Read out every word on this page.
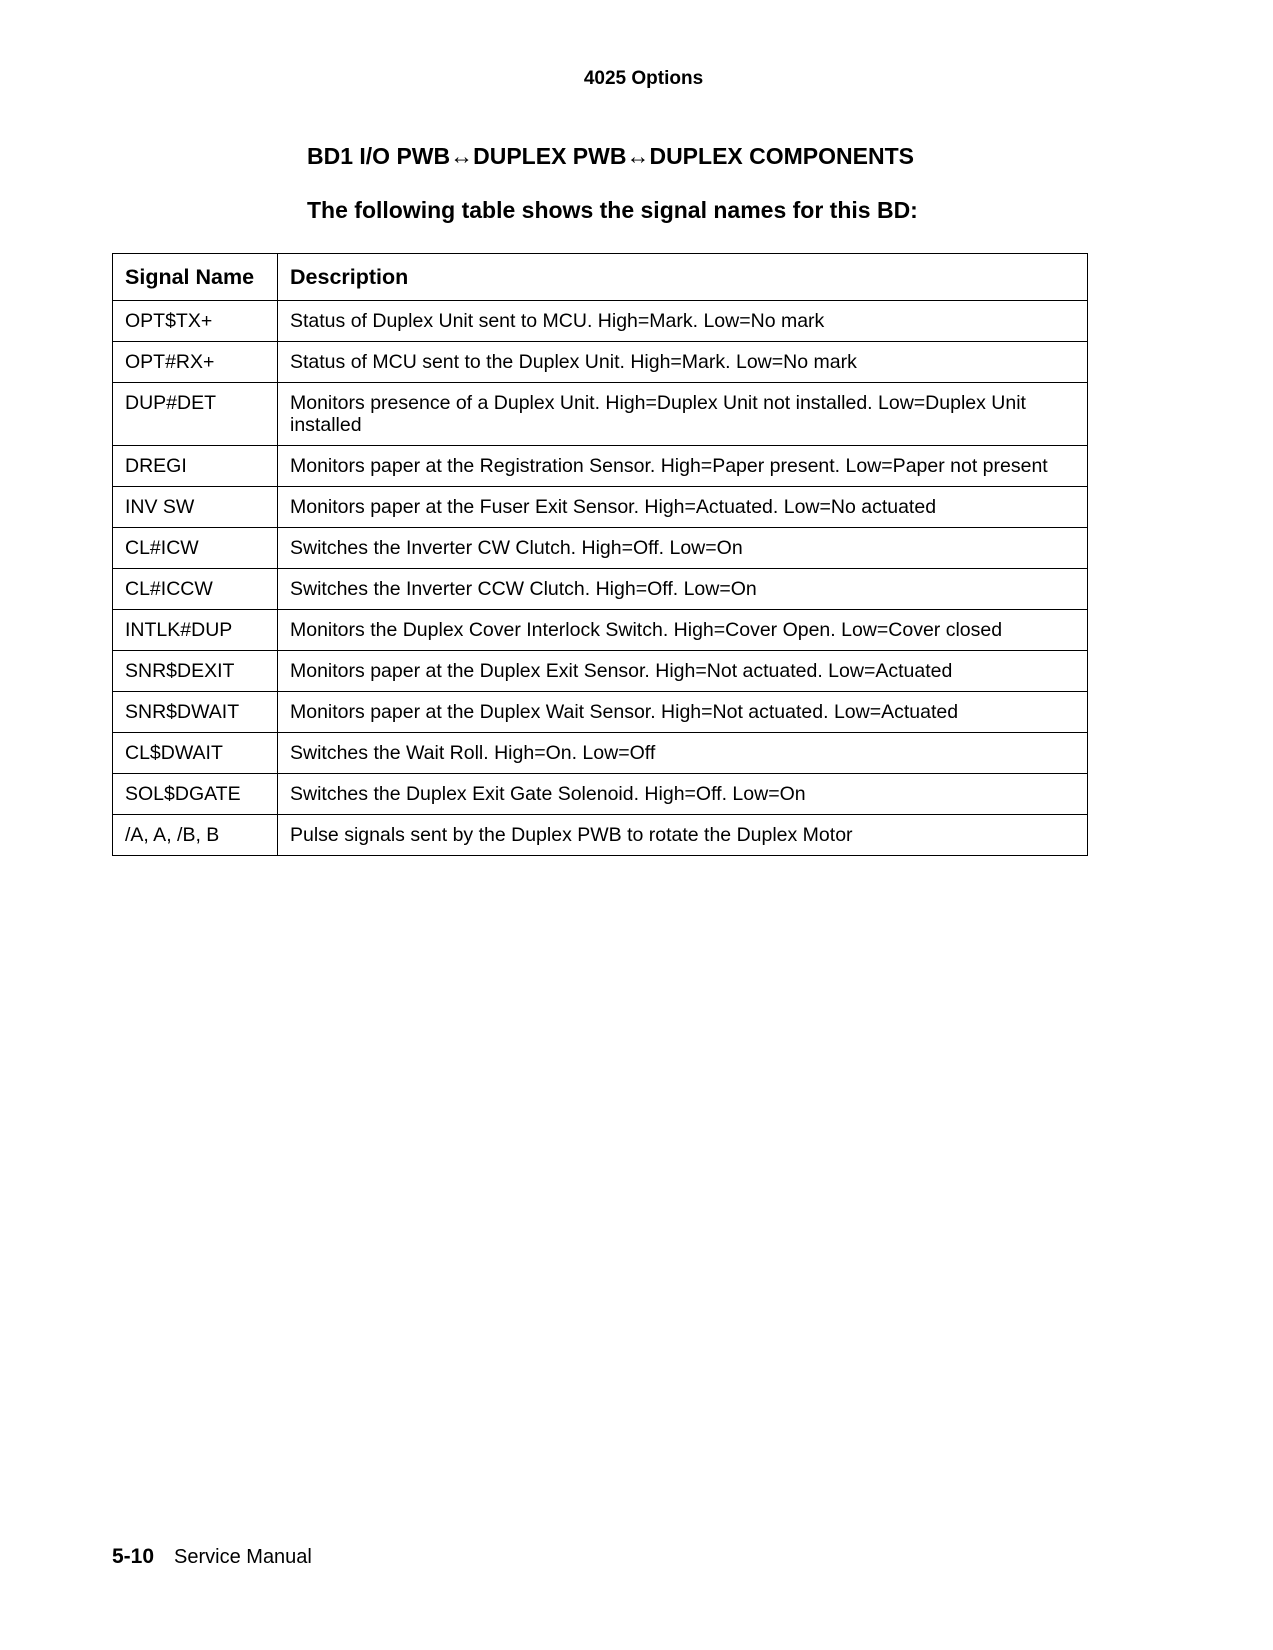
4025 Options
BD1 I/O PWB↔DUPLEX PWB↔DUPLEX COMPONENTS

The following table shows the signal names for this BD:

Signal Name	Description
OPT$TX+	Status of Duplex Unit sent to MCU. High=Mark. Low=No mark
OPT#RX+	Status of MCU sent to the Duplex Unit. High=Mark. Low=No mark
DUP#DET	Monitors presence of a Duplex Unit. High=Duplex Unit not installed. Low=Duplex Unit installed
DREGI	Monitors paper at the Registration Sensor. High=Paper present. Low=Paper not present
INV SW	Monitors paper at the Fuser Exit Sensor. High=Actuated. Low=No actuated
CL#ICW	Switches the Inverter CW Clutch. High=Off. Low=On
CL#ICCW	Switches the Inverter CCW Clutch. High=Off. Low=On
INTLK#DUP	Monitors the Duplex Cover Interlock Switch. High=Cover Open. Low=Cover closed
SNR$DEXIT	Monitors paper at the Duplex Exit Sensor. High=Not actuated. Low=Actuated
SNR$DWAIT	Monitors paper at the Duplex Wait Sensor. High=Not actuated. Low=Actuated
CL$DWAIT	Switches the Wait Roll. High=On. Low=Off
SOL$DGATE	Switches the Duplex Exit Gate Solenoid. High=Off. Low=On
/A, A, /B, B	Pulse signals sent by the Duplex PWB to rotate the Duplex Motor
5-10 Service Manual
